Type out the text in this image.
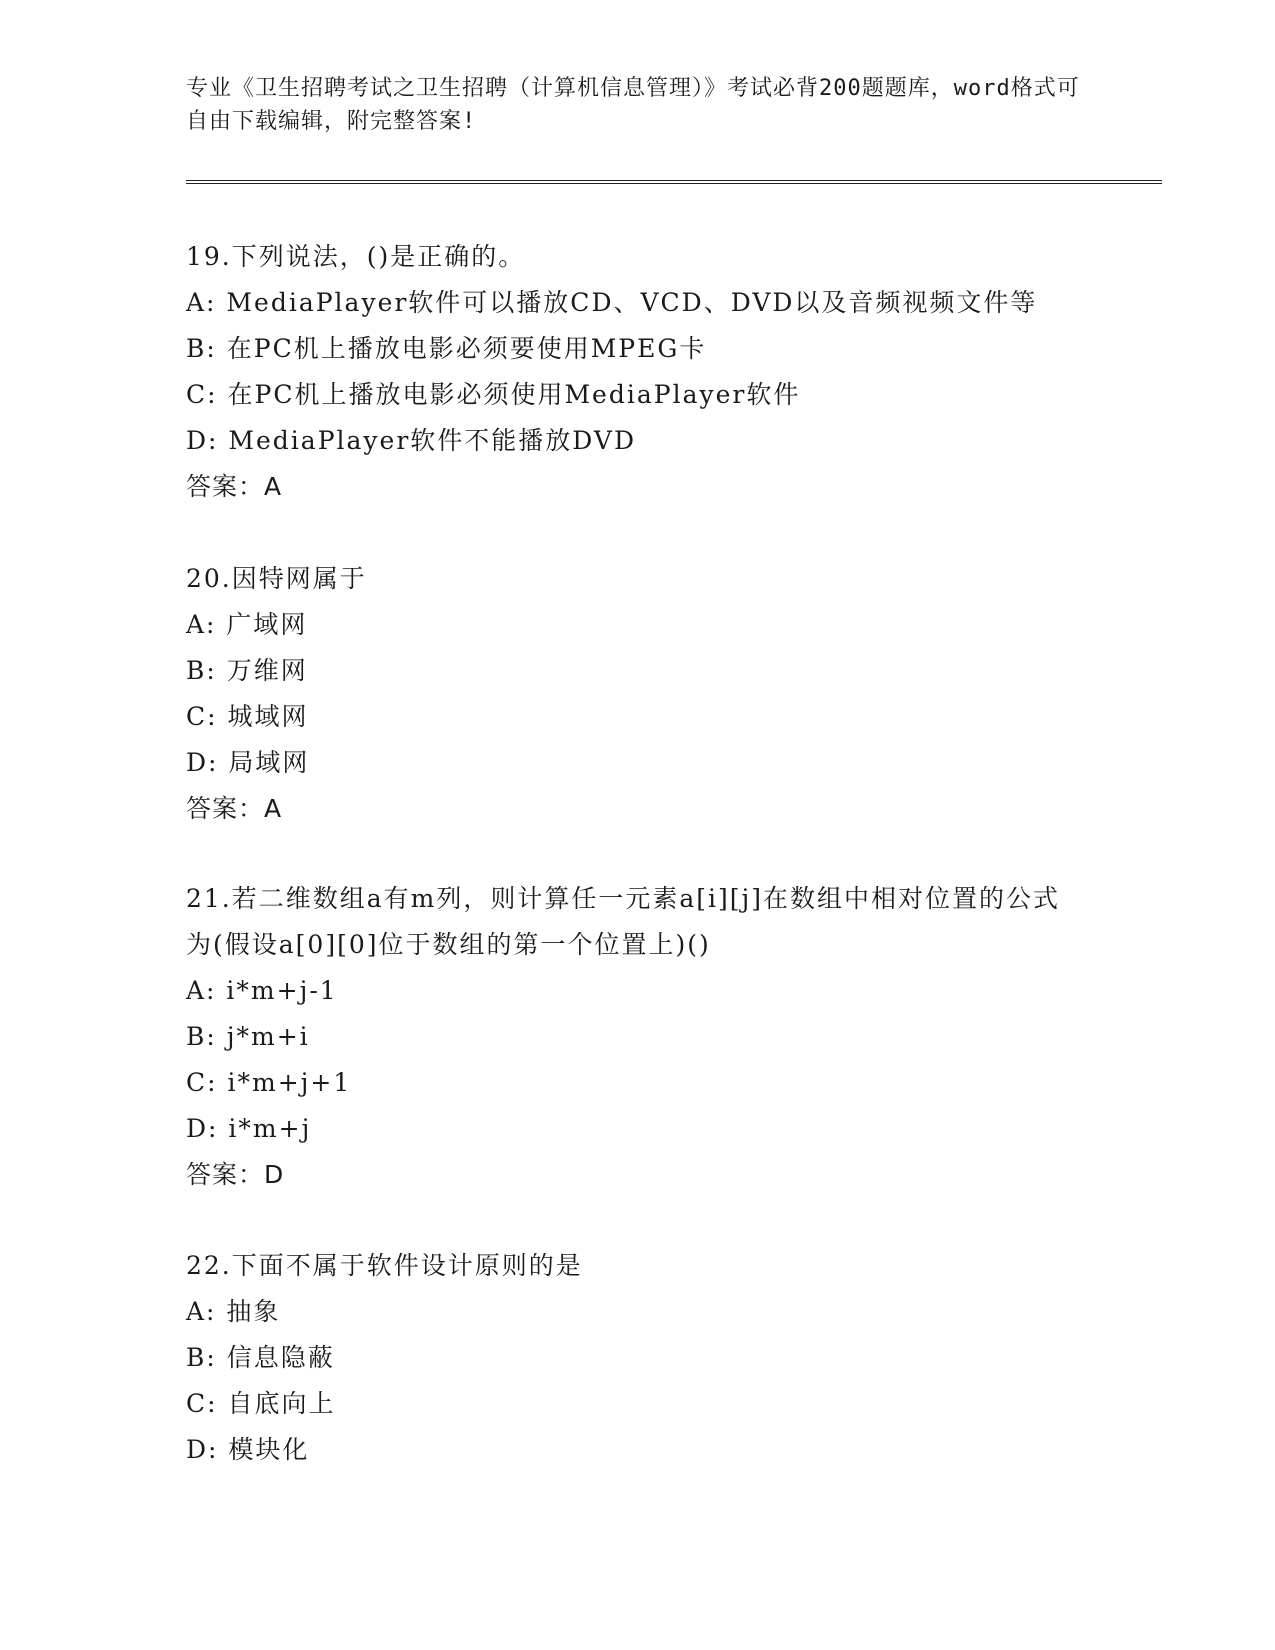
专业《卫生招聘考试之卫生招聘（计算机信息管理）》考试必背200题题库，word格式可自由下载编辑，附完整答案!
19.下列说法，()是正确的。
A: MediaPlayer软件可以播放CD、VCD、DVD以及音频视频文件等
B: 在PC机上播放电影必须要使用MPEG卡
C: 在PC机上播放电影必须使用MediaPlayer软件
D: MediaPlayer软件不能播放DVD
答案：A
20.因特网属于
A: 广域网
B: 万维网
C: 城域网
D: 局域网
答案：A
21.若二维数组a有m列，则计算任一元素a[i][j]在数组中相对位置的公式为(假设a[0][0]位于数组的第一个位置上)()
A: i*m+j-1
B: j*m+i
C: i*m+j+1
D: i*m+j
答案：D
22.下面不属于软件设计原则的是
A: 抽象
B: 信息隐蔽
C: 自底向上
D: 模块化
